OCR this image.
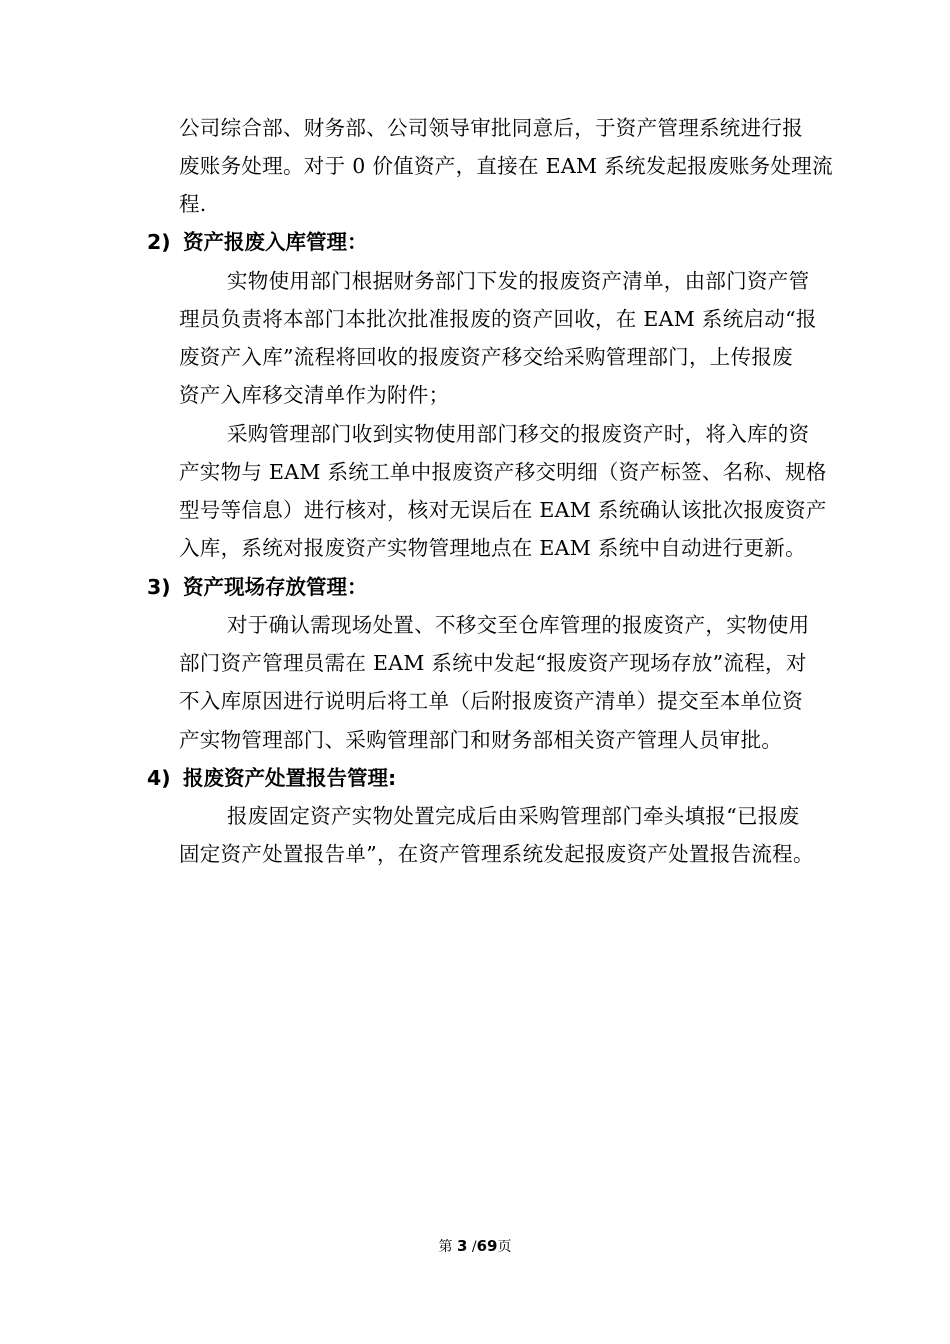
公司综合部、财务部、公司领导审批同意后，于资产管理系统进行报
废账务处理。对于 0 价值资产，直接在 EAM 系统发起报废账务处理流
程.
2) 资产报废入库管理：
实物使用部门根据财务部门下发的报废资产清单，由部门资产管
理员负责将本部门本批次批准报废的资产回收，在 EAM 系统启动“报
废资产入库”流程将回收的报废资产移交给采购管理部门，上传报废
资产入库移交清单作为附件；
采购管理部门收到实物使用部门移交的报废资产时，将入库的资
产实物与 EAM 系统工单中报废资产移交明细（资产标签、名称、规格
型号等信息）进行核对，核对无误后在 EAM 系统确认该批次报废资产
入库，系统对报废资产实物管理地点在 EAM 系统中自动进行更新。
3) 资产现场存放管理：
对于确认需现场处置、不移交至仓库管理的报废资产，实物使用
部门资产管理员需在 EAM 系统中发起“报废资产现场存放”流程，对
不入库原因进行说明后将工单（后附报废资产清单）提交至本单位资
产实物管理部门、采购管理部门和财务部相关资产管理人员审批。
4) 报废资产处置报告管理:
报废固定资产实物处置完成后由采购管理部门牵头填报“已报废
固定资产处置报告单”，在资产管理系统发起报废资产处置报告流程。
第 3 /69页
